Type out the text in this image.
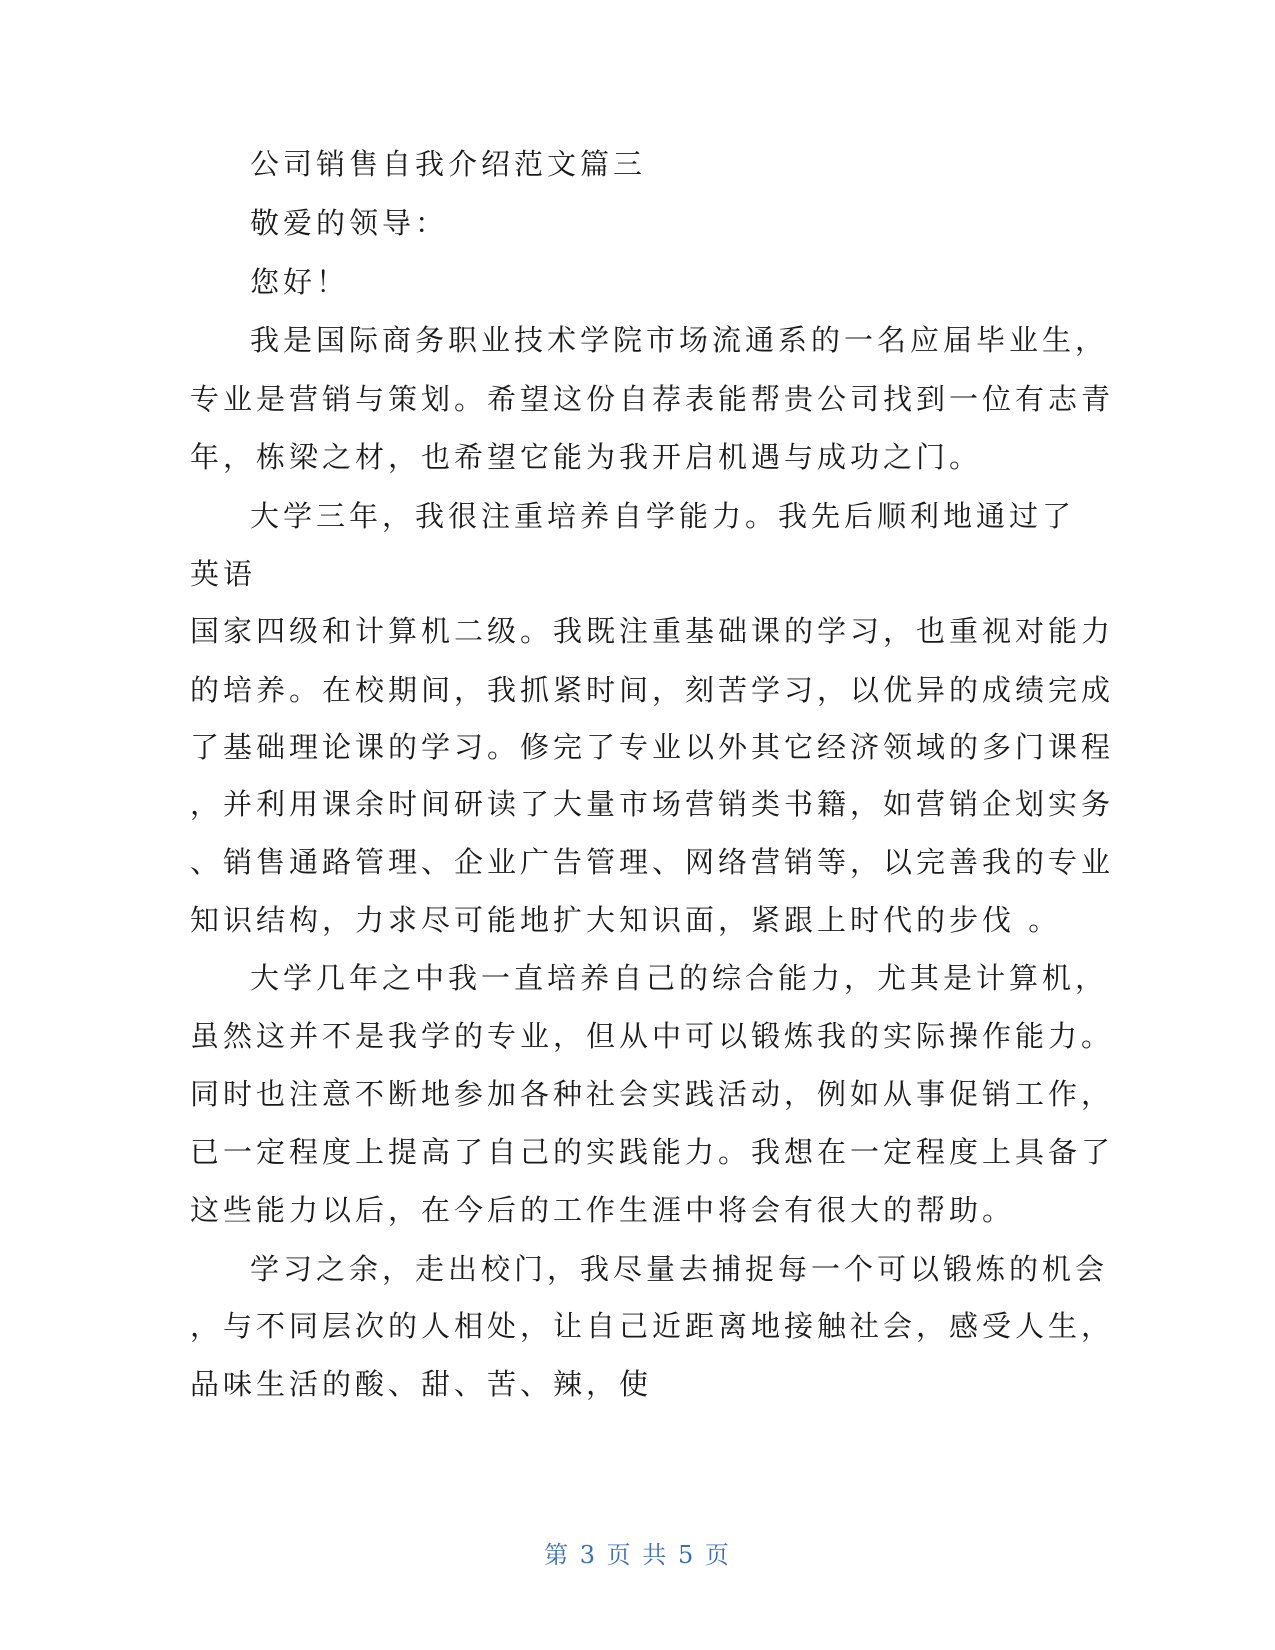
公司销售自我介绍范文篇三
敬爱的领导：
您好！
我是国际商务职业技术学院市场流通系的一名应届毕业生，
专业是营销与策划。希望这份自荐表能帮贵公司找到一位有志青
年，栋梁之材，也希望它能为我开启机遇与成功之门。
大学三年，我很注重培养自学能力。我先后顺利地通过了
英语
国家四级和计算机二级。我既注重基础课的学习，也重视对能力
的培养。在校期间，我抓紧时间，刻苦学习，以优异的成绩完成
了基础理论课的学习。修完了专业以外其它经济领域的多门课程
，并利用课余时间研读了大量市场营销类书籍，如营销企划实务
、销售通路管理、企业广告管理、网络营销等，以完善我的专业
知识结构，力求尽可能地扩大知识面，紧跟上时代的步伐 。
大学几年之中我一直培养自己的综合能力，尤其是计算机，
虽然这并不是我学的专业，但从中可以锻炼我的实际操作能力。
同时也注意不断地参加各种社会实践活动，例如从事促销工作，
已一定程度上提高了自己的实践能力。我想在一定程度上具备了
这些能力以后，在今后的工作生涯中将会有很大的帮助。
学习之余，走出校门，我尽量去捕捉每一个可以锻炼的机会
，与不同层次的人相处，让自己近距离地接触社会，感受人生，
品味生活的酸、甜、苦、辣，使
第 3 页 共 5 页
